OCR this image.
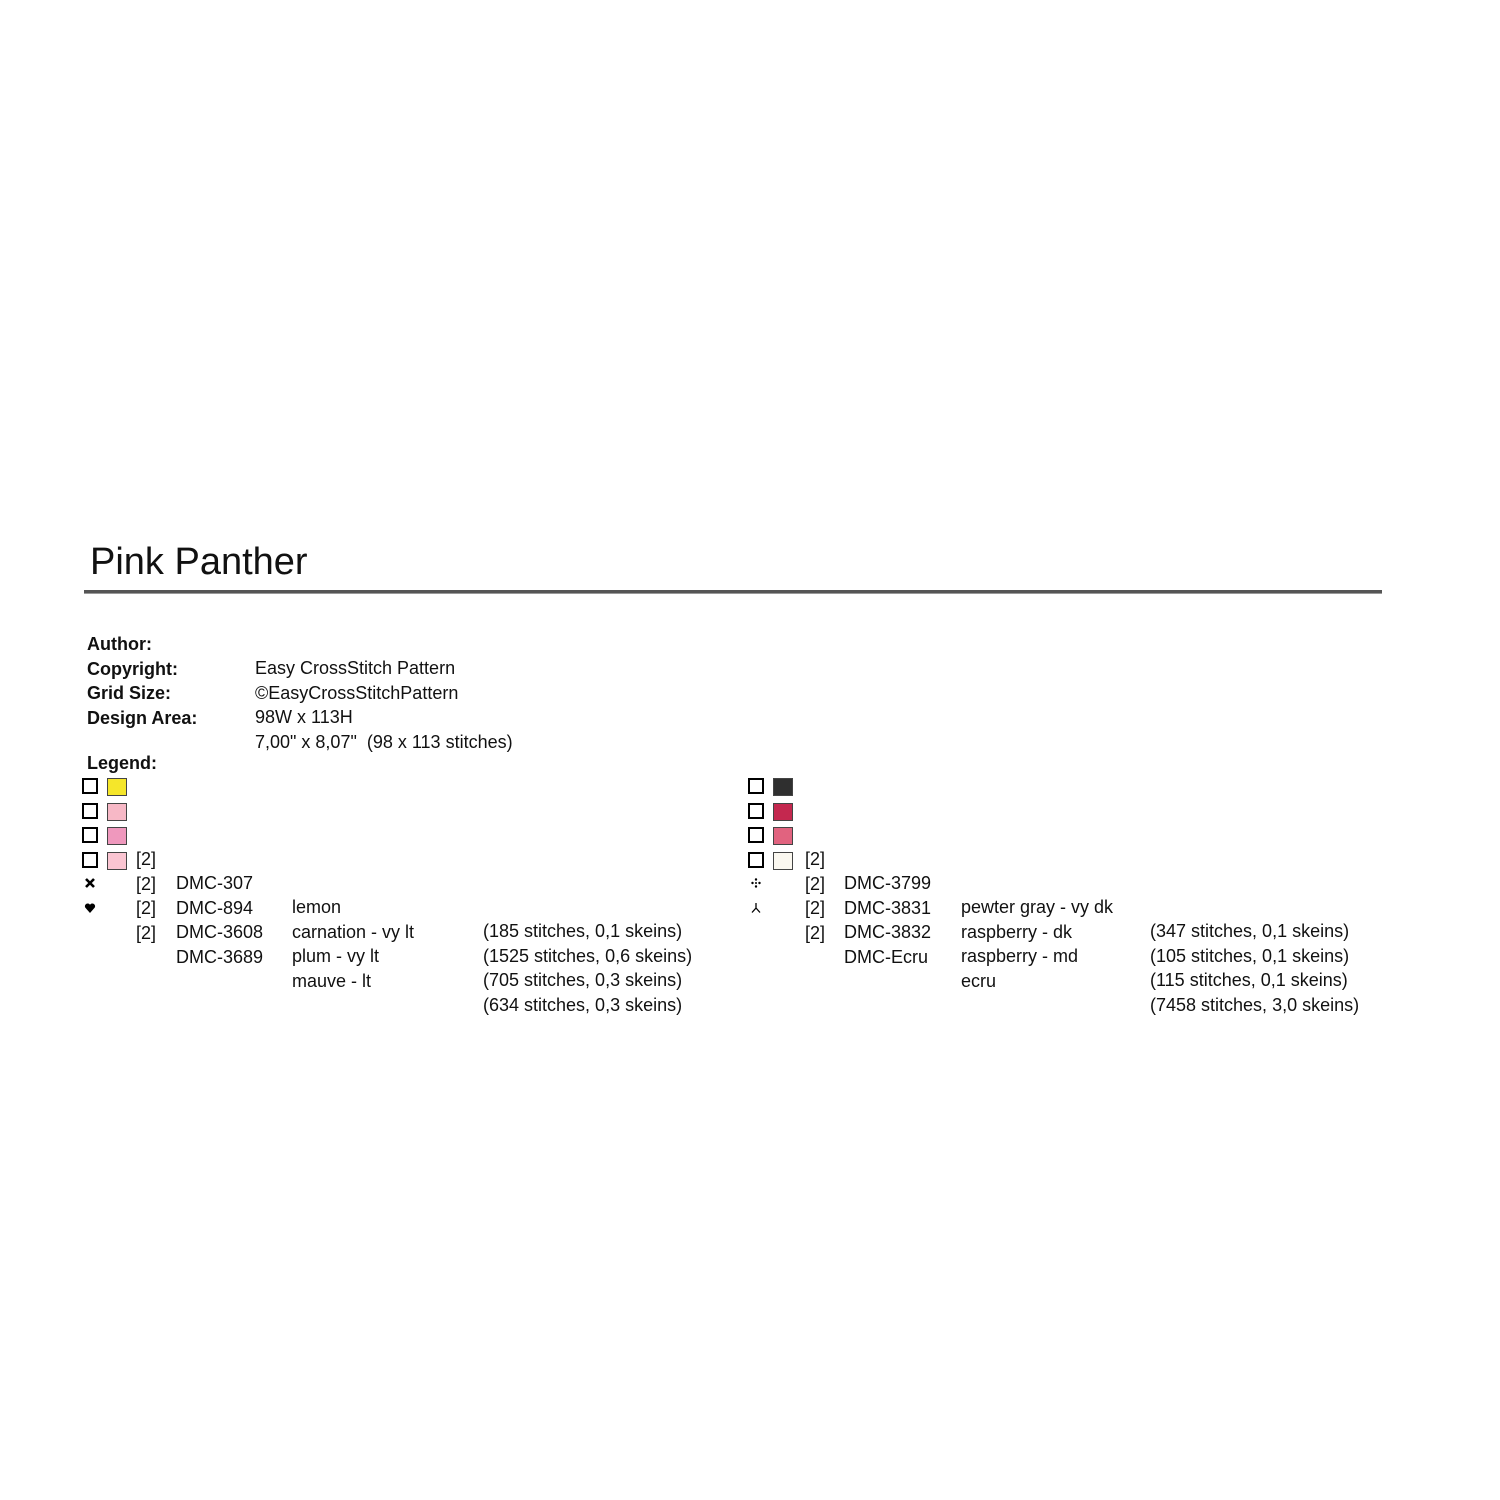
Pink Panther

Author:

Easy CrossStitch Pattern

Copyright:

©EasyCrossStitchPattern

Grid Size:

98W x 113H

Design Area:

7,00" x 8,07"  (98 x 113 stitches)

Legend:

[2]

DMC-307

lemon

(185 stitches, 0,1 skeins)

[2]

DMC-894

carnation - vy lt

(1525 stitches, 0,6 skeins)

[2]

DMC-3608

plum - vy lt

(705 stitches, 0,3 skeins)

[2]

DMC-3689

mauve - lt

(634 stitches, 0,3 skeins)

[2]

DMC-3799

pewter gray - vy dk

(347 stitches, 0,1 skeins)

[2]

DMC-3831

raspberry - dk

(105 stitches, 0,1 skeins)

[2]

DMC-3832

raspberry - md

(115 stitches, 0,1 skeins)

[2]

DMC-Ecru

ecru

(7458 stitches, 3,0 skeins)
